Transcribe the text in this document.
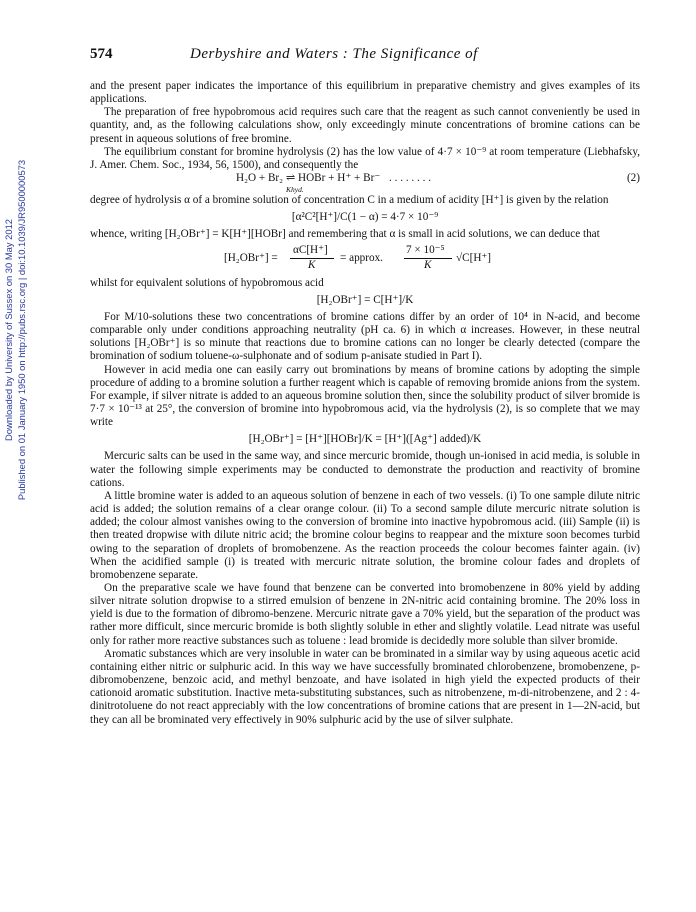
Downloaded by University of Sussex on 30 May 2012 Published on 01 January 1950 on http://pubs.rsc.org | doi:10.1039/JR9500000573
574	Derbyshire and Waters : The Significance of

and the present paper indicates the importance of this equilibrium in preparative chemistry and gives examples of its applications.

The preparation of free hypobromous acid requires such care that the reagent as such cannot conveniently be used in quantity, and, as the following calculations show, only exceedingly minute concentrations of bromine cations can be present in aqueous solutions of free bromine.

The equilibrium constant for bromine hydrolysis (2) has the low value of 4·7 × 10⁻⁹ at room temperature (Liebhafsky, J. Amer. Chem. Soc., 1934, 56, 1500), and consequently the

H₂O + Br₂ ⇌ HOBr + H⁺ + Br⁻ . . . . . . . .
Khyd.
(2)

degree of hydrolysis α of a bromine solution of concentration C in a medium of acidity [H⁺] is given by the relation

[α²C²[H⁺]/C(1 − α) = 4·7 × 10⁻⁹

whence, writing [H₂OBr⁺] = K[H⁺][HOBr] and remembering that α is small in acid solutions, we can deduce that

[H₂OBr⁺] =
αC[H⁺]
K
= approx.
7 × 10⁻⁵
K
√C[H⁺]

whilst for equivalent solutions of hypobromous acid

[H₂OBr⁺] = C[H⁺]/K

For M/10-solutions these two concentrations of bromine cations differ by an order of 10⁴ in N-acid, and become comparable only under conditions approaching neutrality (pH ca. 6) in which α increases. However, in these neutral solutions [H₂OBr⁺] is so minute that reactions due to bromine cations can no longer be clearly detected (compare the bromination of sodium toluene-ω-sulphonate and of sodium p-anisate studied in Part I).

However in acid media one can easily carry out brominations by means of bromine cations by adopting the simple procedure of adding to a bromine solution a further reagent which is capable of removing bromide anions from the system. For example, if silver nitrate is added to an aqueous bromine solution then, since the solubility product of silver bromide is 7·7 × 10⁻¹³ at 25°, the conversion of bromine into hypobromous acid, via the hydrolysis (2), is so complete that we may write

[H₂OBr⁺] = [H⁺][HOBr]/K = [H⁺]([Ag⁺] added)/K

Mercuric salts can be used in the same way, and since mercuric bromide, though un-ionised in acid media, is soluble in water the following simple experiments may be conducted to demonstrate the production and reactivity of bromine cations.

A little bromine water is added to an aqueous solution of benzene in each of two vessels. (i) To one sample dilute nitric acid is added; the solution remains of a clear orange colour. (ii) To a second sample dilute mercuric nitrate solution is added; the colour almost vanishes owing to the conversion of bromine into inactive hypobromous acid. (iii) Sample (ii) is then treated dropwise with dilute nitric acid; the bromine colour begins to reappear and the mixture soon becomes turbid owing to the separation of droplets of bromobenzene. As the reaction proceeds the colour becomes fainter again. (iv) When the acidified sample (i) is treated with mercuric nitrate solution, the bromine colour fades and droplets of bromobenzene separate.

On the preparative scale we have found that benzene can be converted into bromobenzene in 80% yield by adding silver nitrate solution dropwise to a stirred emulsion of benzene in 2N-nitric acid containing bromine. The 20% loss in yield is due to the formation of dibromo-benzene. Mercuric nitrate gave a 70% yield, but the separation of the product was rather more difficult, since mercuric bromide is both slightly soluble in ether and slightly volatile. Lead nitrate was useful only for rather more reactive substances such as toluene : lead bromide is decidedly more soluble than silver bromide.

Aromatic substances which are very insoluble in water can be brominated in a similar way by using aqueous acetic acid containing either nitric or sulphuric acid. In this way we have successfully brominated chlorobenzene, bromobenzene, p-dibromobenzene, benzoic acid, and methyl benzoate, and have isolated in high yield the expected products of their cationoid aromatic substitution. Inactive meta-substituting substances, such as nitrobenzene, m-di-nitrobenzene, and 2 : 4-dinitrotoluene do not react appreciably with the low concentrations of bromine cations that are present in 1—2N-acid, but they can all be brominated very effectively in 90% sulphuric acid by the use of silver sulphate.
